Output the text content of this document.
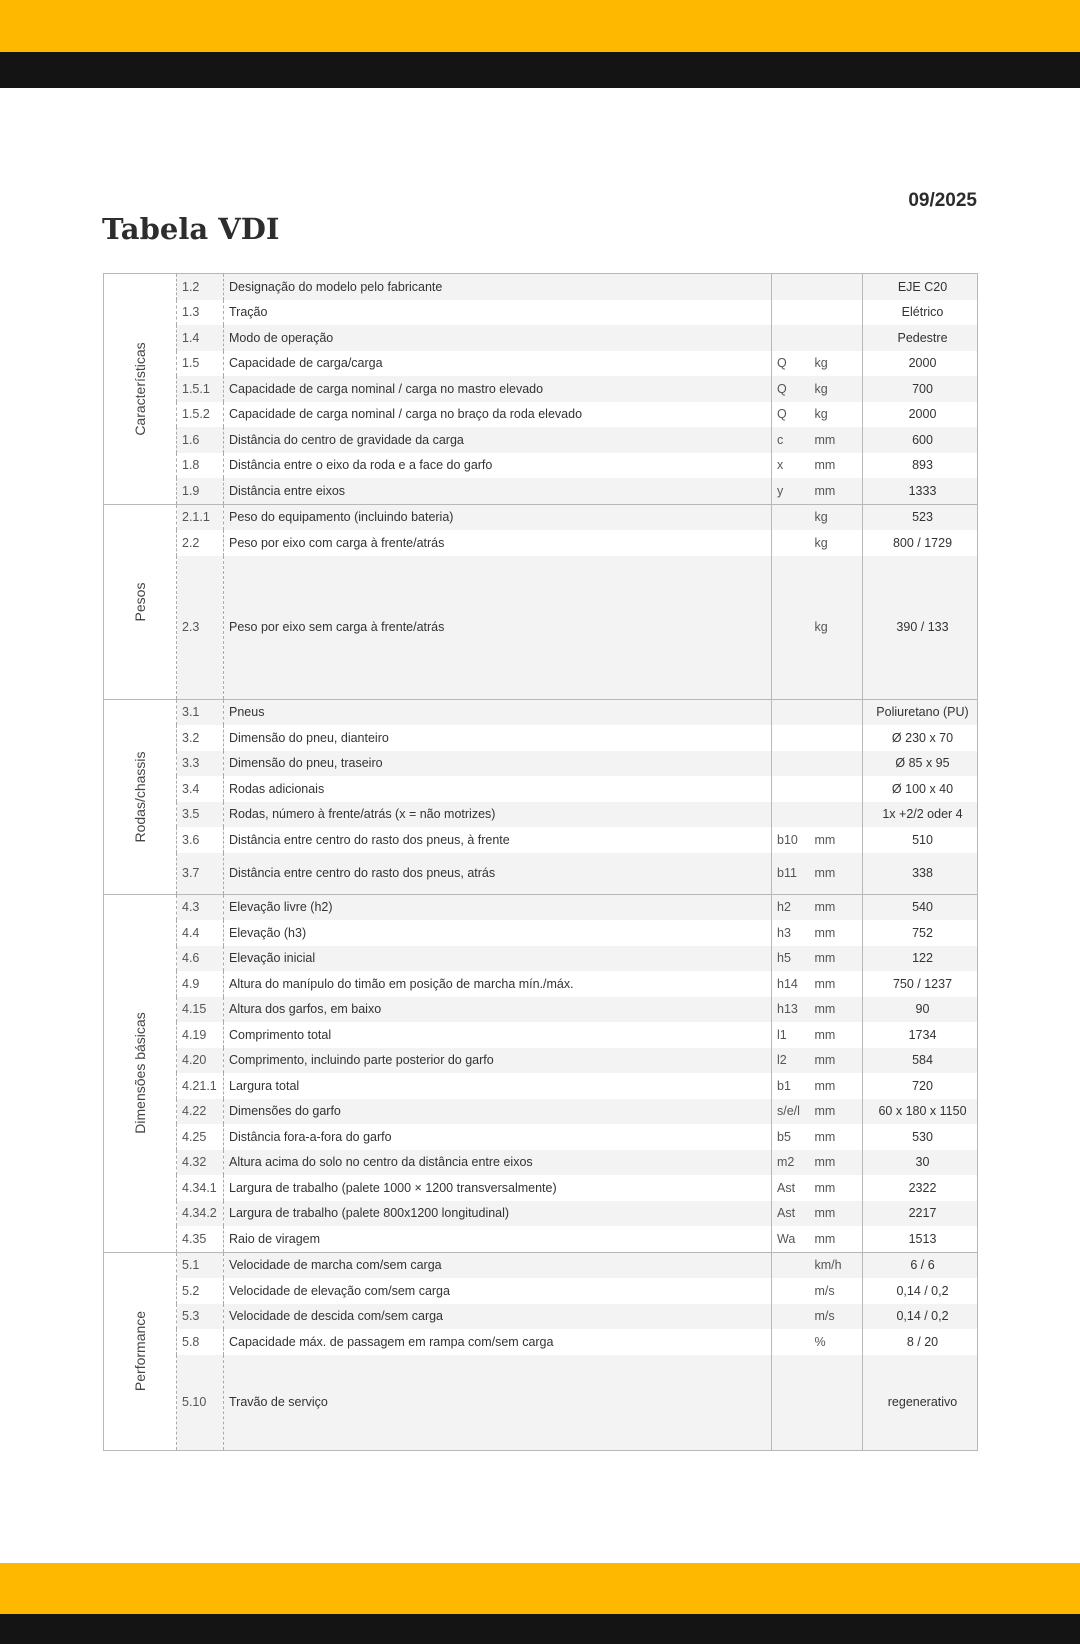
09/2025
Tabela VDI
Características	1.2	Designação do modelo pelo fabricante			EJE C20
	1.3	Tração			Elétrico
	1.4	Modo de operação			Pedestre
	1.5	Capacidade de carga/carga	Q	kg	2000
	1.5.1	Capacidade de carga nominal / carga no mastro elevado	Q	kg	700
	1.5.2	Capacidade de carga nominal / carga no braço da roda elevado	Q	kg	2000
	1.6	Distância do centro de gravidade da carga	c	mm	600
	1.8	Distância entre o eixo da roda e a face do garfo	x	mm	893
	1.9	Distância entre eixos	y	mm	1333

Pesos	2.1.1	Peso do equipamento (incluindo bateria)		kg	523
	2.2	Peso por eixo com carga à frente/atrás		kg	800 / 1729
	2.3	Peso por eixo sem carga à frente/atrás		kg	390 / 133

Rodas/chassis	3.1	Pneus			Poliuretano (PU)
	3.2	Dimensão do pneu, dianteiro			Ø 230 x 70
	3.3	Dimensão do pneu, traseiro			Ø 85 x 95
	3.4	Rodas adicionais			Ø 100 x 40
	3.5	Rodas, número à frente/atrás (x = não motrizes)			1x +2/2 oder 4
	3.6	Distância entre centro do rasto dos pneus, à frente	b10	mm	510
	3.7	Distância entre centro do rasto dos pneus, atrás	b11	mm	338

Dimensões básicas	4.3	Elevação livre (h2)	h2	mm	540
	4.4	Elevação (h3)	h3	mm	752
	4.6	Elevação inicial	h5	mm	122
	4.9	Altura do manípulo do timão em posição de marcha mín./máx.	h14	mm	750 / 1237
	4.15	Altura dos garfos, em baixo	h13	mm	90
	4.19	Comprimento total	l1	mm	1734
	4.20	Comprimento, incluindo parte posterior do garfo	l2	mm	584
	4.21.1	Largura total	b1	mm	720
	4.22	Dimensões do garfo	s/e/l	mm	60 x 180 x 1150
	4.25	Distância fora-a-fora do garfo	b5	mm	530
	4.32	Altura acima do solo no centro da distância entre eixos	m2	mm	30
	4.34.1	Largura de trabalho (palete 1000 × 1200 transversalmente)	Ast	mm	2322
	4.34.2	Largura de trabalho (palete 800x1200 longitudinal)	Ast	mm	2217
	4.35	Raio de viragem	Wa	mm	1513

Performance	5.1	Velocidade de marcha com/sem carga		km/h	6 / 6
	5.2	Velocidade de elevação com/sem carga		m/s	0,14 / 0,2
	5.3	Velocidade de descida com/sem carga		m/s	0,14 / 0,2
	5.8	Capacidade máx. de passagem em rampa com/sem carga		%	8 / 20
	5.10	Travão de serviço			regenerativo
